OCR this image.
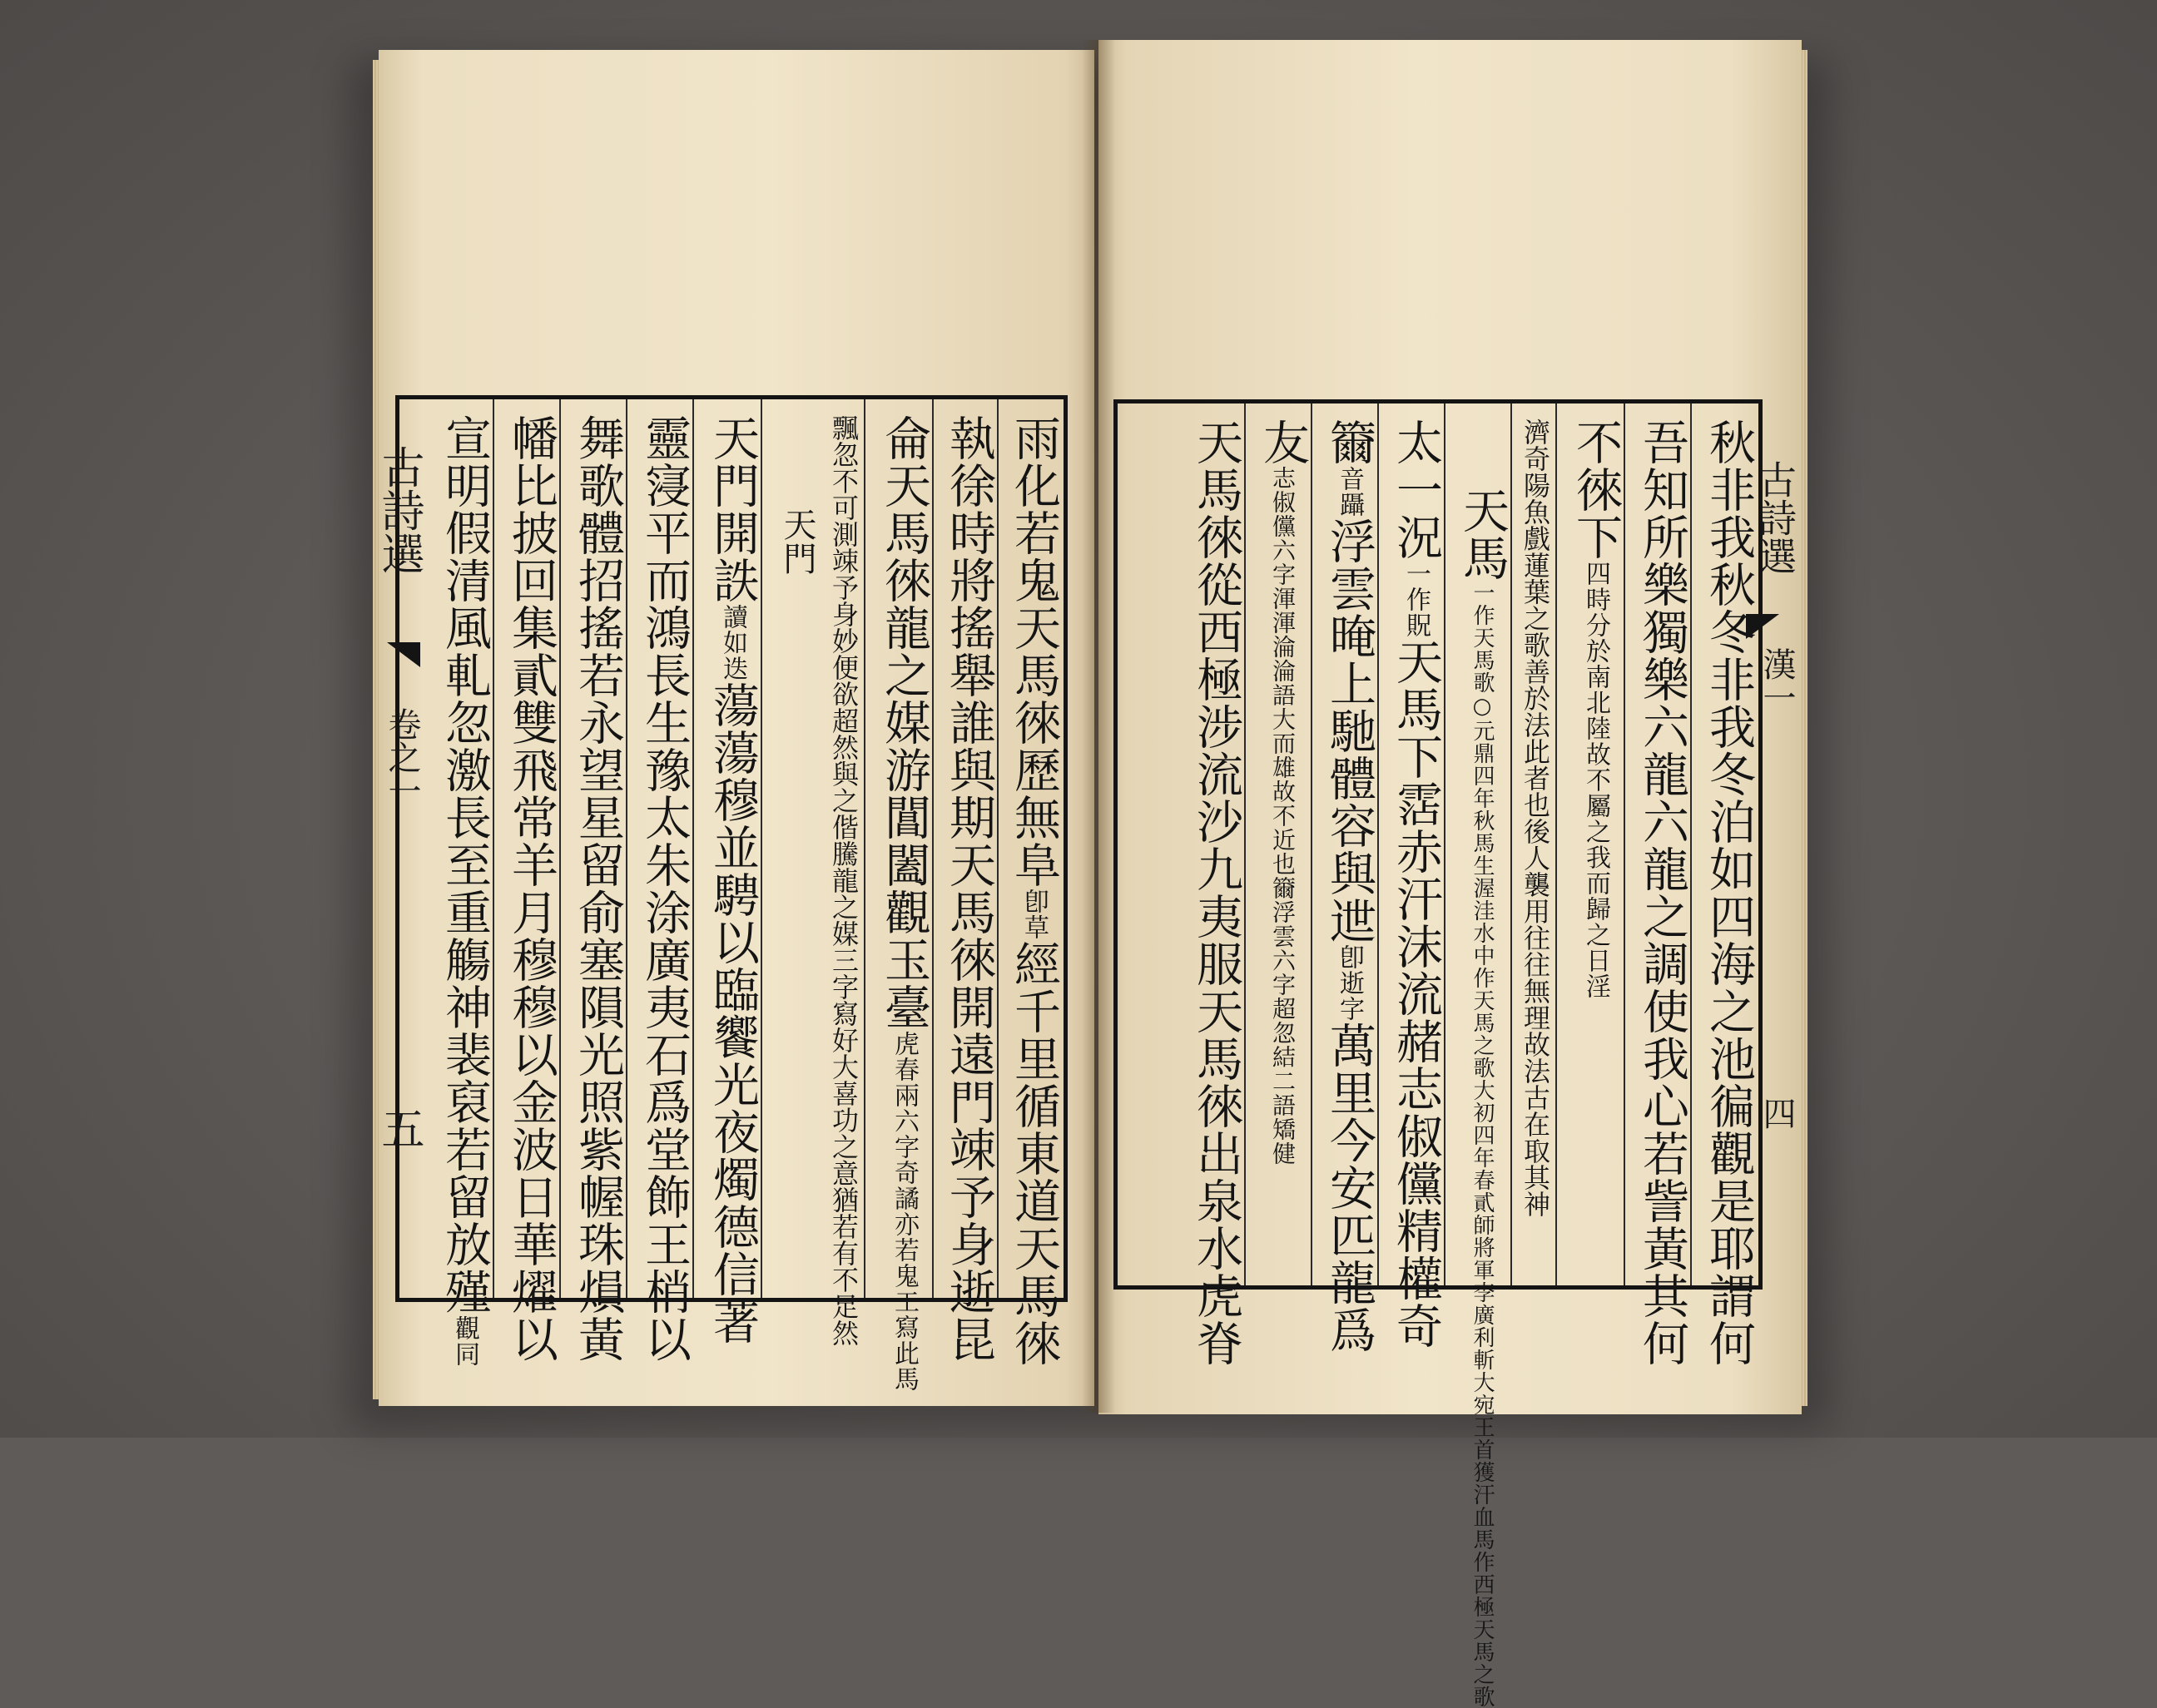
古詩選
卷之一
五
雨化若鬼天馬徠歷無阜卽草經千里循東道天馬徠
執徐時將搖舉誰與期天馬徠開遠門竦予身逝昆
侖天馬徠龍之媒游閶闔觀玉臺虎春兩六字奇譎亦若鬼工寫此馬
飄忽不可測竦予身妙便欲超然與之偕騰龍之媒三字寫好大喜功之意猶若有不足然
天門
天門開詄讀如迭蕩蕩穆並騁以臨饗光夜燭德信著
靈寖平而鴻長生豫太朱涂廣夷石爲堂飾王梢以
舞歌體招搖若永望星留俞塞隕光照紫幄珠熉黃
幡比披回集貳雙飛常羊月穆穆以金波日華燿以
宣明假清風軋忽激長至重觴神裴裒若留放殣觀同
古詩選
漢一
四
秋非我秋冬非我冬泊如四海之池徧觀是耶謂何
吾知所樂獨樂六龍六龍之調使我心若訾黃其何
不徠下四時分於南北陸故不屬之我而歸之日淫
濟奇陽魚戲蓮葉之歌善於法此者也後人襲用往往無理故法古在取其神
天馬一作天馬歌○元鼎四年秋馬生渥洼水中作天馬之歌大初四年春貳師將軍李廣利斬大宛王首獲汗血馬作西極天馬之歌
太一況一作貺天馬下霑赤汗沫流赭志俶儻精權奇
籋音躡浮雲晻上馳體容與迣卽逝字萬里今安匹龍爲
友志俶儻六字渾渾淪淪語大而雄故不近也籋浮雲六字超忽結二語矯健
天馬徠從西極涉流沙九夷服天馬徠出泉水虎脊
